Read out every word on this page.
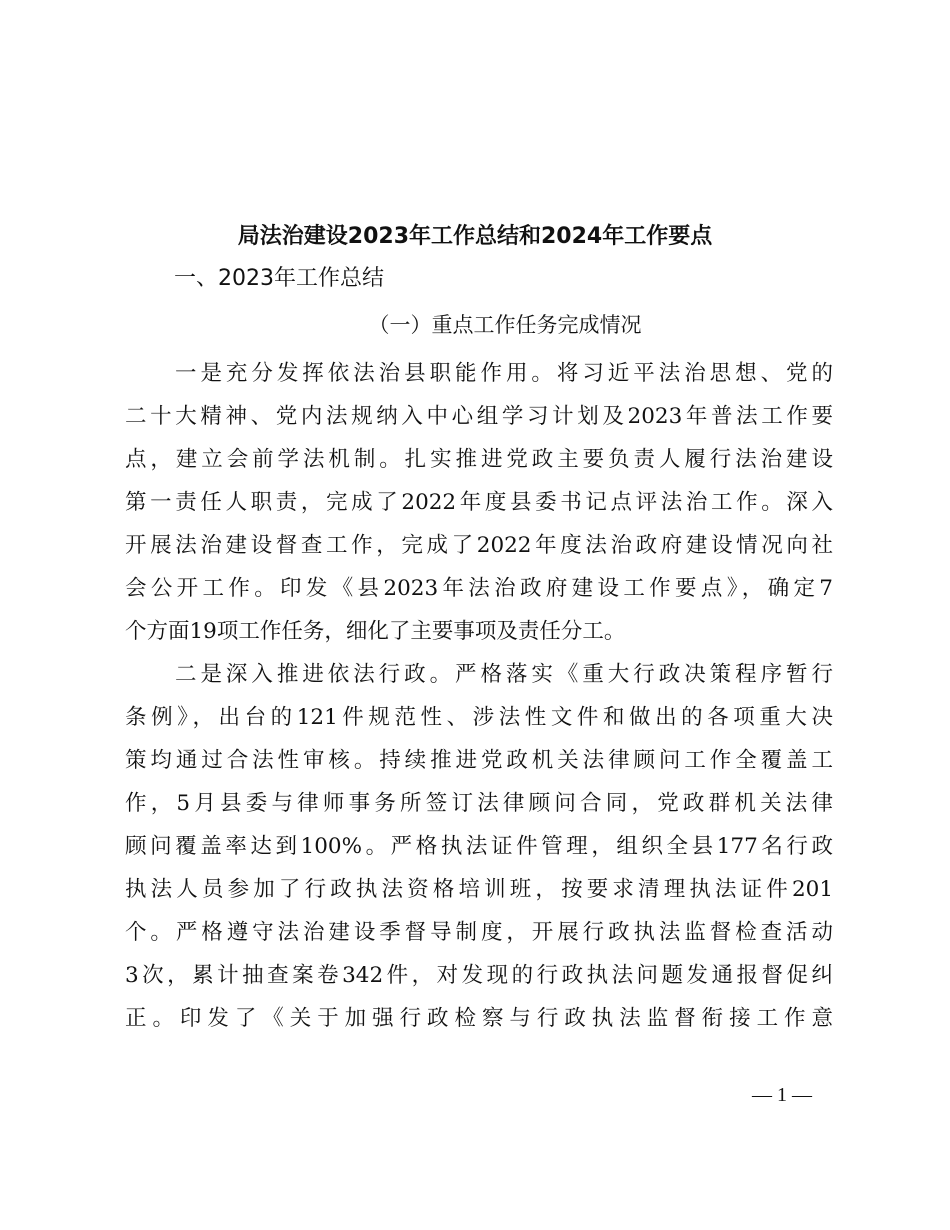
局法治建设2023年工作总结和2024年工作要点
一、2023年工作总结
（一）重点工作任务完成情况
一是充分发挥依法治县职能作用。将习近平法治思想、党的
二十大精神、党内法规纳入中心组学习计划及2023年普法工作要
点，建立会前学法机制。扎实推进党政主要负责人履行法治建设
第一责任人职责，完成了2022年度县委书记点评法治工作。深入
开展法治建设督查工作，完成了2022年度法治政府建设情况向社
会公开工作。印发《县2023年法治政府建设工作要点》，确定7
个方面19项工作任务，细化了主要事项及责任分工。
二是深入推进依法行政。严格落实《重大行政决策程序暂行
条例》，出台的121件规范性、涉法性文件和做出的各项重大决
策均通过合法性审核。持续推进党政机关法律顾问工作全覆盖工
作，5月县委与律师事务所签订法律顾问合同，党政群机关法律
顾问覆盖率达到100%。严格执法证件管理，组织全县177名行政
执法人员参加了行政执法资格培训班，按要求清理执法证件201
个。严格遵守法治建设季督导制度，开展行政执法监督检查活动
3次，累计抽查案卷342件，对发现的行政执法问题发通报督促纠
正。印发了《关于加强行政检察与行政执法监督衔接工作意
— 1 —
